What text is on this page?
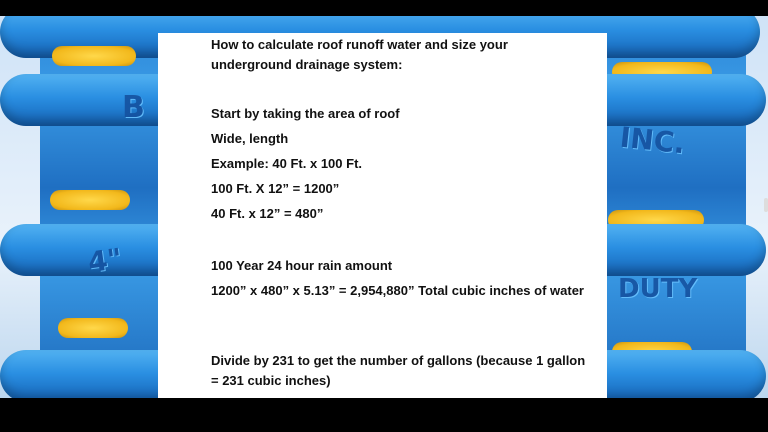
B
INC.
4"
DUTY

How to calculate roof runoff water and size your underground drainage system:

Start by taking the area of roof

Wide, length

Example: 40 Ft. x 100 Ft.

100 Ft. X 12” = 1200”

40 Ft. x 12” = 480”

100 Year 24 hour rain amount

1200” x 480” x 5.13” = 2,954,880” Total cubic inches of water

Divide by 231 to get the number of gallons (because 1 gallon = 231 cubic inches)
